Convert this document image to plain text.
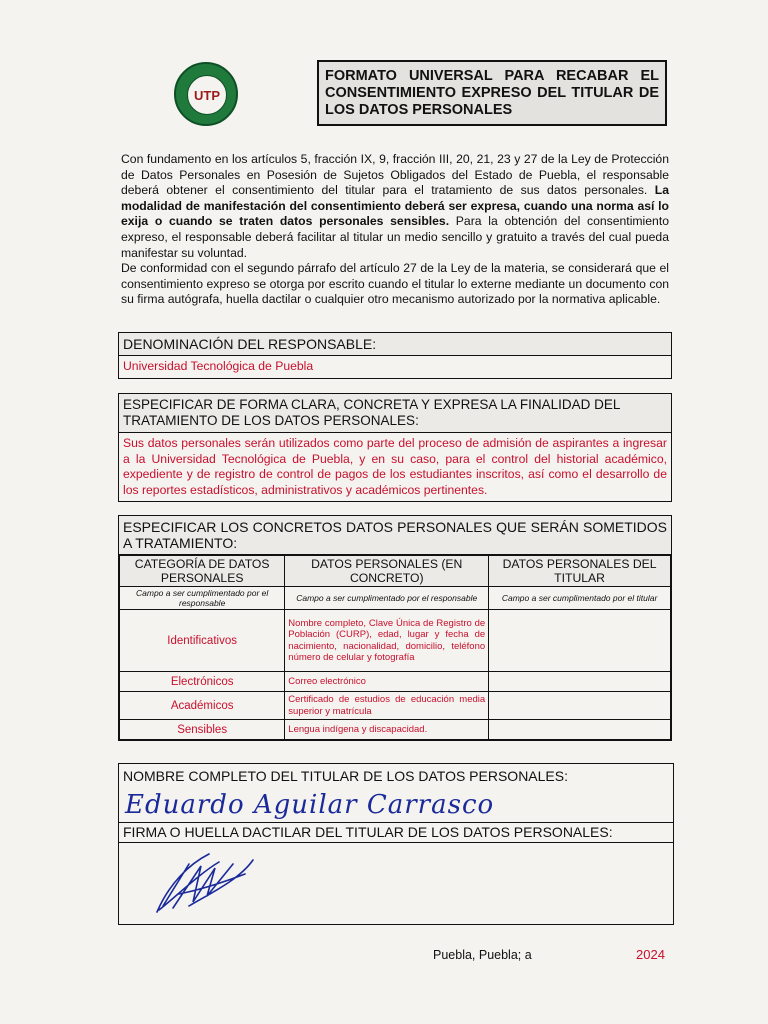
UTP
FORMATO UNIVERSAL PARA RECABAR EL CONSENTIMIENTO EXPRESO DEL TITULAR DE LOS DATOS PERSONALES

Con fundamento en los artículos 5, fracción IX, 9, fracción III, 20, 21, 23 y 27 de la Ley de Protección de Datos Personales en Posesión de Sujetos Obligados del Estado de Puebla, el responsable deberá obtener el consentimiento del titular para el tratamiento de sus datos personales. La modalidad de manifestación del consentimiento deberá ser expresa, cuando una norma así lo exija o cuando se traten datos personales sensibles. Para la obtención del consentimiento expreso, el responsable deberá facilitar al titular un medio sencillo y gratuito a través del cual pueda manifestar su voluntad.

De conformidad con el segundo párrafo del artículo 27 de la Ley de la materia, se considerará que el consentimiento expreso se otorga por escrito cuando el titular lo externe mediante un documento con su firma autógrafa, huella dactilar o cualquier otro mecanismo autorizado por la normativa aplicable.

DENOMINACIÓN DEL RESPONSABLE:
Universidad Tecnológica de Puebla
ESPECIFICAR DE FORMA CLARA, CONCRETA Y EXPRESA LA FINALIDAD DEL TRATAMIENTO DE LOS DATOS PERSONALES:
Sus datos personales serán utilizados como parte del proceso de admisión de aspirantes a ingresar a la Universidad Tecnológica de Puebla, y en su caso, para el control del historial académico, expediente y de registro de control de pagos de los estudiantes inscritos, así como el desarrollo de los reportes estadísticos, administrativos y académicos pertinentes.
ESPECIFICAR LOS CONCRETOS DATOS PERSONALES QUE SERÁN SOMETIDOS A TRATAMIENTO:
CATEGORÍA DE DATOS PERSONALES	DATOS PERSONALES (EN CONCRETO)	DATOS PERSONALES DEL TITULAR
Campo a ser cumplimentado por el responsable	Campo a ser cumplimentado por el responsable	Campo a ser cumplimentado por el titular
Identificativos	Nombre completo, Clave Única de Registro de Población (CURP), edad, lugar y fecha de nacimiento, nacionalidad, domicilio, teléfono número de celular y fotografía	
Electrónicos	Correo electrónico	
Académicos	Certificado de estudios de educación media superior y matrícula	
Sensibles	Lengua indígena y discapacidad.	
NOMBRE COMPLETO DEL TITULAR DE LOS DATOS PERSONALES:
Eduardo Aguilar Carrasco
FIRMA O HUELLA DACTILAR DEL TITULAR DE LOS DATOS PERSONALES:
Puebla, Puebla; a	2024
